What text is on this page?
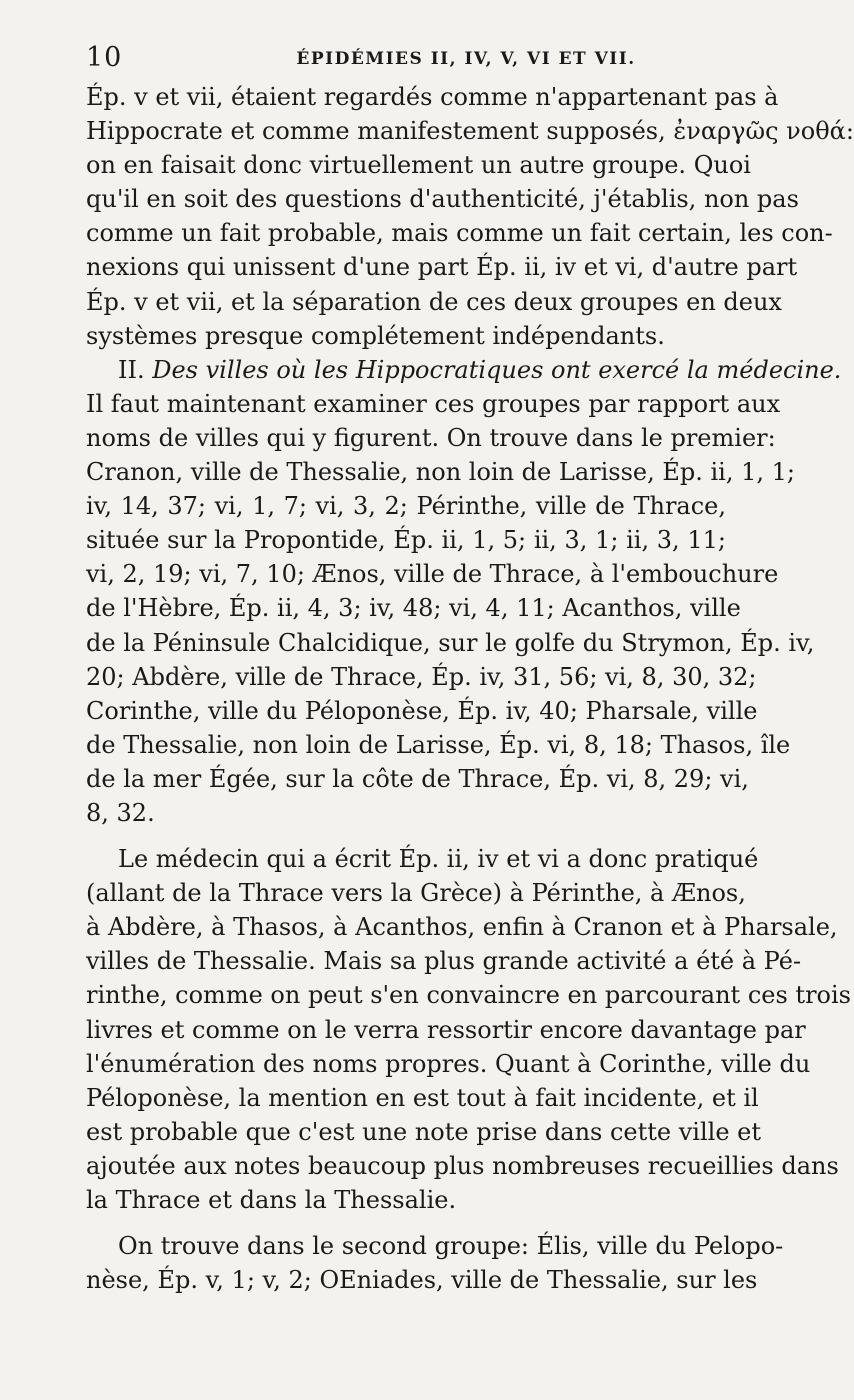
10	ÉPIDÉMIES II, IV, V, VI ET VII.
Ép. v et vii, étaient regardés comme n'appartenant pas à
Hippocrate et comme manifestement supposés, ἐναργῶς νοθά:
on en faisait donc virtuellement un autre groupe. Quoi
qu'il en soit des questions d'authenticité, j'établis, non pas
comme un fait probable, mais comme un fait certain, les con-
nexions qui unissent d'une part Ép. ii, iv et vi, d'autre part
Ép. v et vii, et la séparation de ces deux groupes en deux
systèmes presque complétement indépendants.
II. Des villes où les Hippocratiques ont exercé la médecine.
Il faut maintenant examiner ces groupes par rapport aux
noms de villes qui y figurent. On trouve dans le premier:
Cranon, ville de Thessalie, non loin de Larisse, Ép. ii, 1, 1;
iv, 14, 37; vi, 1, 7; vi, 3, 2; Périnthe, ville de Thrace,
située sur la Propontide, Ép. ii, 1, 5; ii, 3, 1; ii, 3, 11;
vi, 2, 19; vi, 7, 10; Ænos, ville de Thrace, à l'embouchure
de l'Hèbre, Ép. ii, 4, 3; iv, 48; vi, 4, 11; Acanthos, ville
de la Péninsule Chalcidique, sur le golfe du Strymon, Ép. iv,
20; Abdère, ville de Thrace, Ép. iv, 31, 56; vi, 8, 30, 32;
Corinthe, ville du Péloponèse, Ép. iv, 40; Pharsale, ville
de Thessalie, non loin de Larisse, Ép. vi, 8, 18; Thasos, île
de la mer Égée, sur la côte de Thrace, Ép. vi, 8, 29; vi,
8, 32.
Le médecin qui a écrit Ép. ii, iv et vi a donc pratiqué
(allant de la Thrace vers la Grèce) à Périnthe, à Ænos,
à Abdère, à Thasos, à Acanthos, enfin à Cranon et à Pharsale,
villes de Thessalie. Mais sa plus grande activité a été à Pé-
rinthe, comme on peut s'en convaincre en parcourant ces trois
livres et comme on le verra ressortir encore davantage par
l'énumération des noms propres. Quant à Corinthe, ville du
Péloponèse, la mention en est tout à fait incidente, et il
est probable que c'est une note prise dans cette ville et
ajoutée aux notes beaucoup plus nombreuses recueillies dans
la Thrace et dans la Thessalie.
On trouve dans le second groupe: Élis, ville du Pelopo-
nèse, Ép. v, 1; v, 2; OEniades, ville de Thessalie, sur les
